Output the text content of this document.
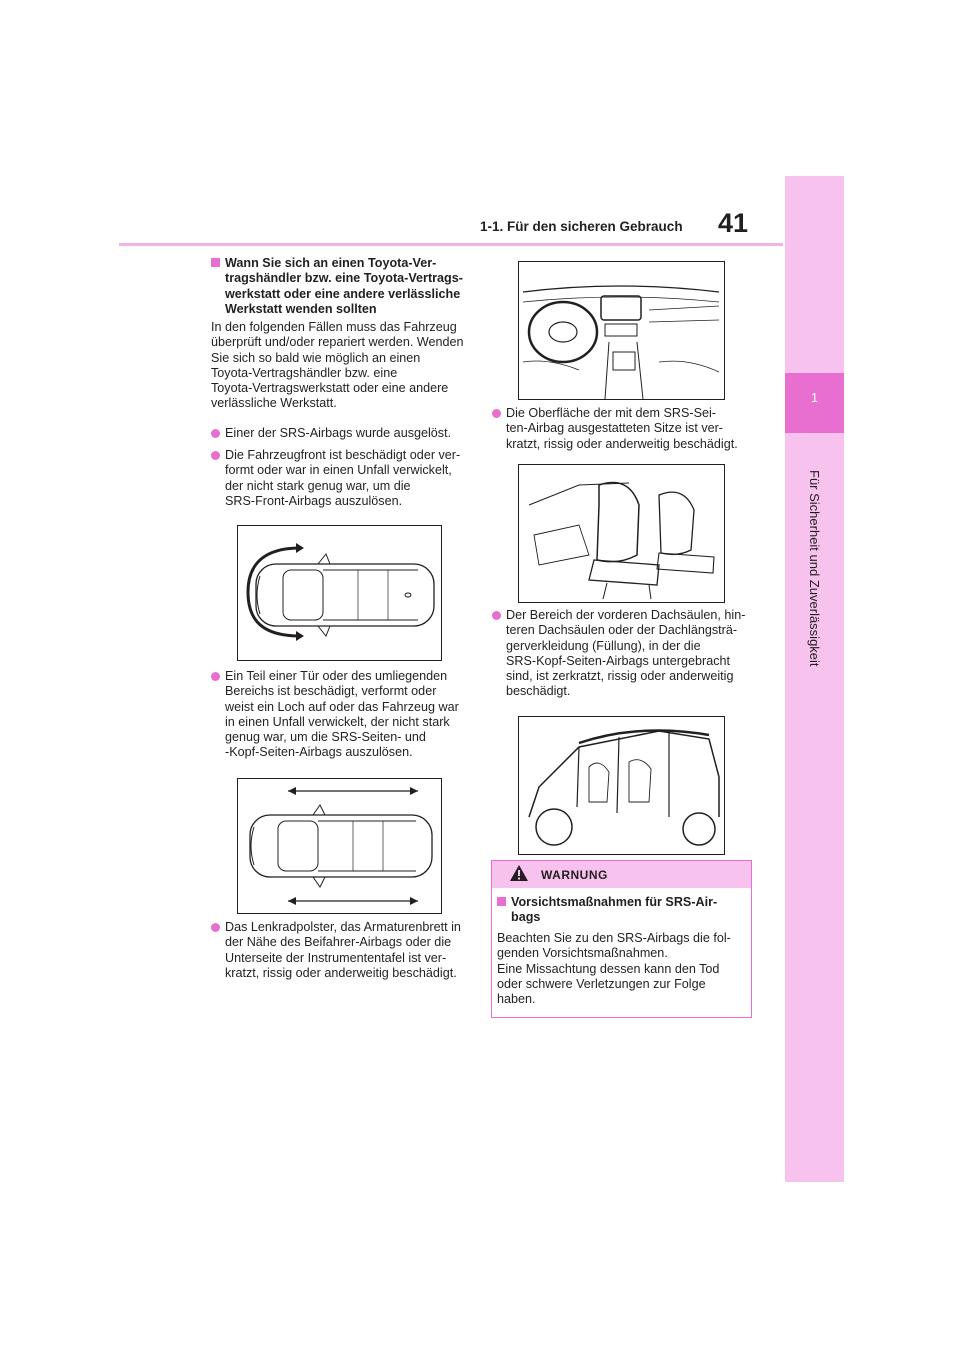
1
Für Sicherheit und Zuverlässigkeit
1-1. Für den sicheren Gebrauch 41
Wann Sie sich an einen Toyota-Ver-
tragshändler bzw. eine Toyota-Vertrags-
werkstatt oder eine andere verlässliche
Werkstatt wenden sollten
In den folgenden Fällen muss das Fahrzeug
überprüft und/oder repariert werden. Wenden
Sie sich so bald wie möglich an einen
Toyota-Vertragshändler bzw. eine
Toyota-Vertragswerkstatt oder eine andere
verlässliche Werkstatt.
Einer der SRS-Airbags wurde ausgelöst.
Die Fahrzeugfront ist beschädigt oder ver-
formt oder war in einen Unfall verwickelt,
der nicht stark genug war, um die
SRS-Front-Airbags auszulösen.
Ein Teil einer Tür oder des umliegenden
Bereichs ist beschädigt, verformt oder
weist ein Loch auf oder das Fahrzeug war
in einen Unfall verwickelt, der nicht stark
genug war, um die SRS-Seiten- und
-Kopf-Seiten-Airbags auszulösen.
Das Lenkradpolster, das Armaturenbrett in
der Nähe des Beifahrer-Airbags oder die
Unterseite der Instrumententafel ist ver-
kratzt, rissig oder anderweitig beschädigt.
Die Oberfläche der mit dem SRS-Sei-
ten-Airbag ausgestatteten Sitze ist ver-
kratzt, rissig oder anderweitig beschädigt.
Der Bereich der vorderen Dachsäulen, hin-
teren Dachsäulen oder der Dachlängsträ-
gerverkleidung (Füllung), in der die
SRS-Kopf-Seiten-Airbags untergebracht
sind, ist zerkratzt, rissig oder anderweitig
beschädigt.
WARNUNG
Vorsichtsmaßnahmen für SRS-Air-
bags
Beachten Sie zu den SRS-Airbags die fol-
genden Vorsichtsmaßnahmen.
Eine Missachtung dessen kann den Tod
oder schwere Verletzungen zur Folge
haben.
